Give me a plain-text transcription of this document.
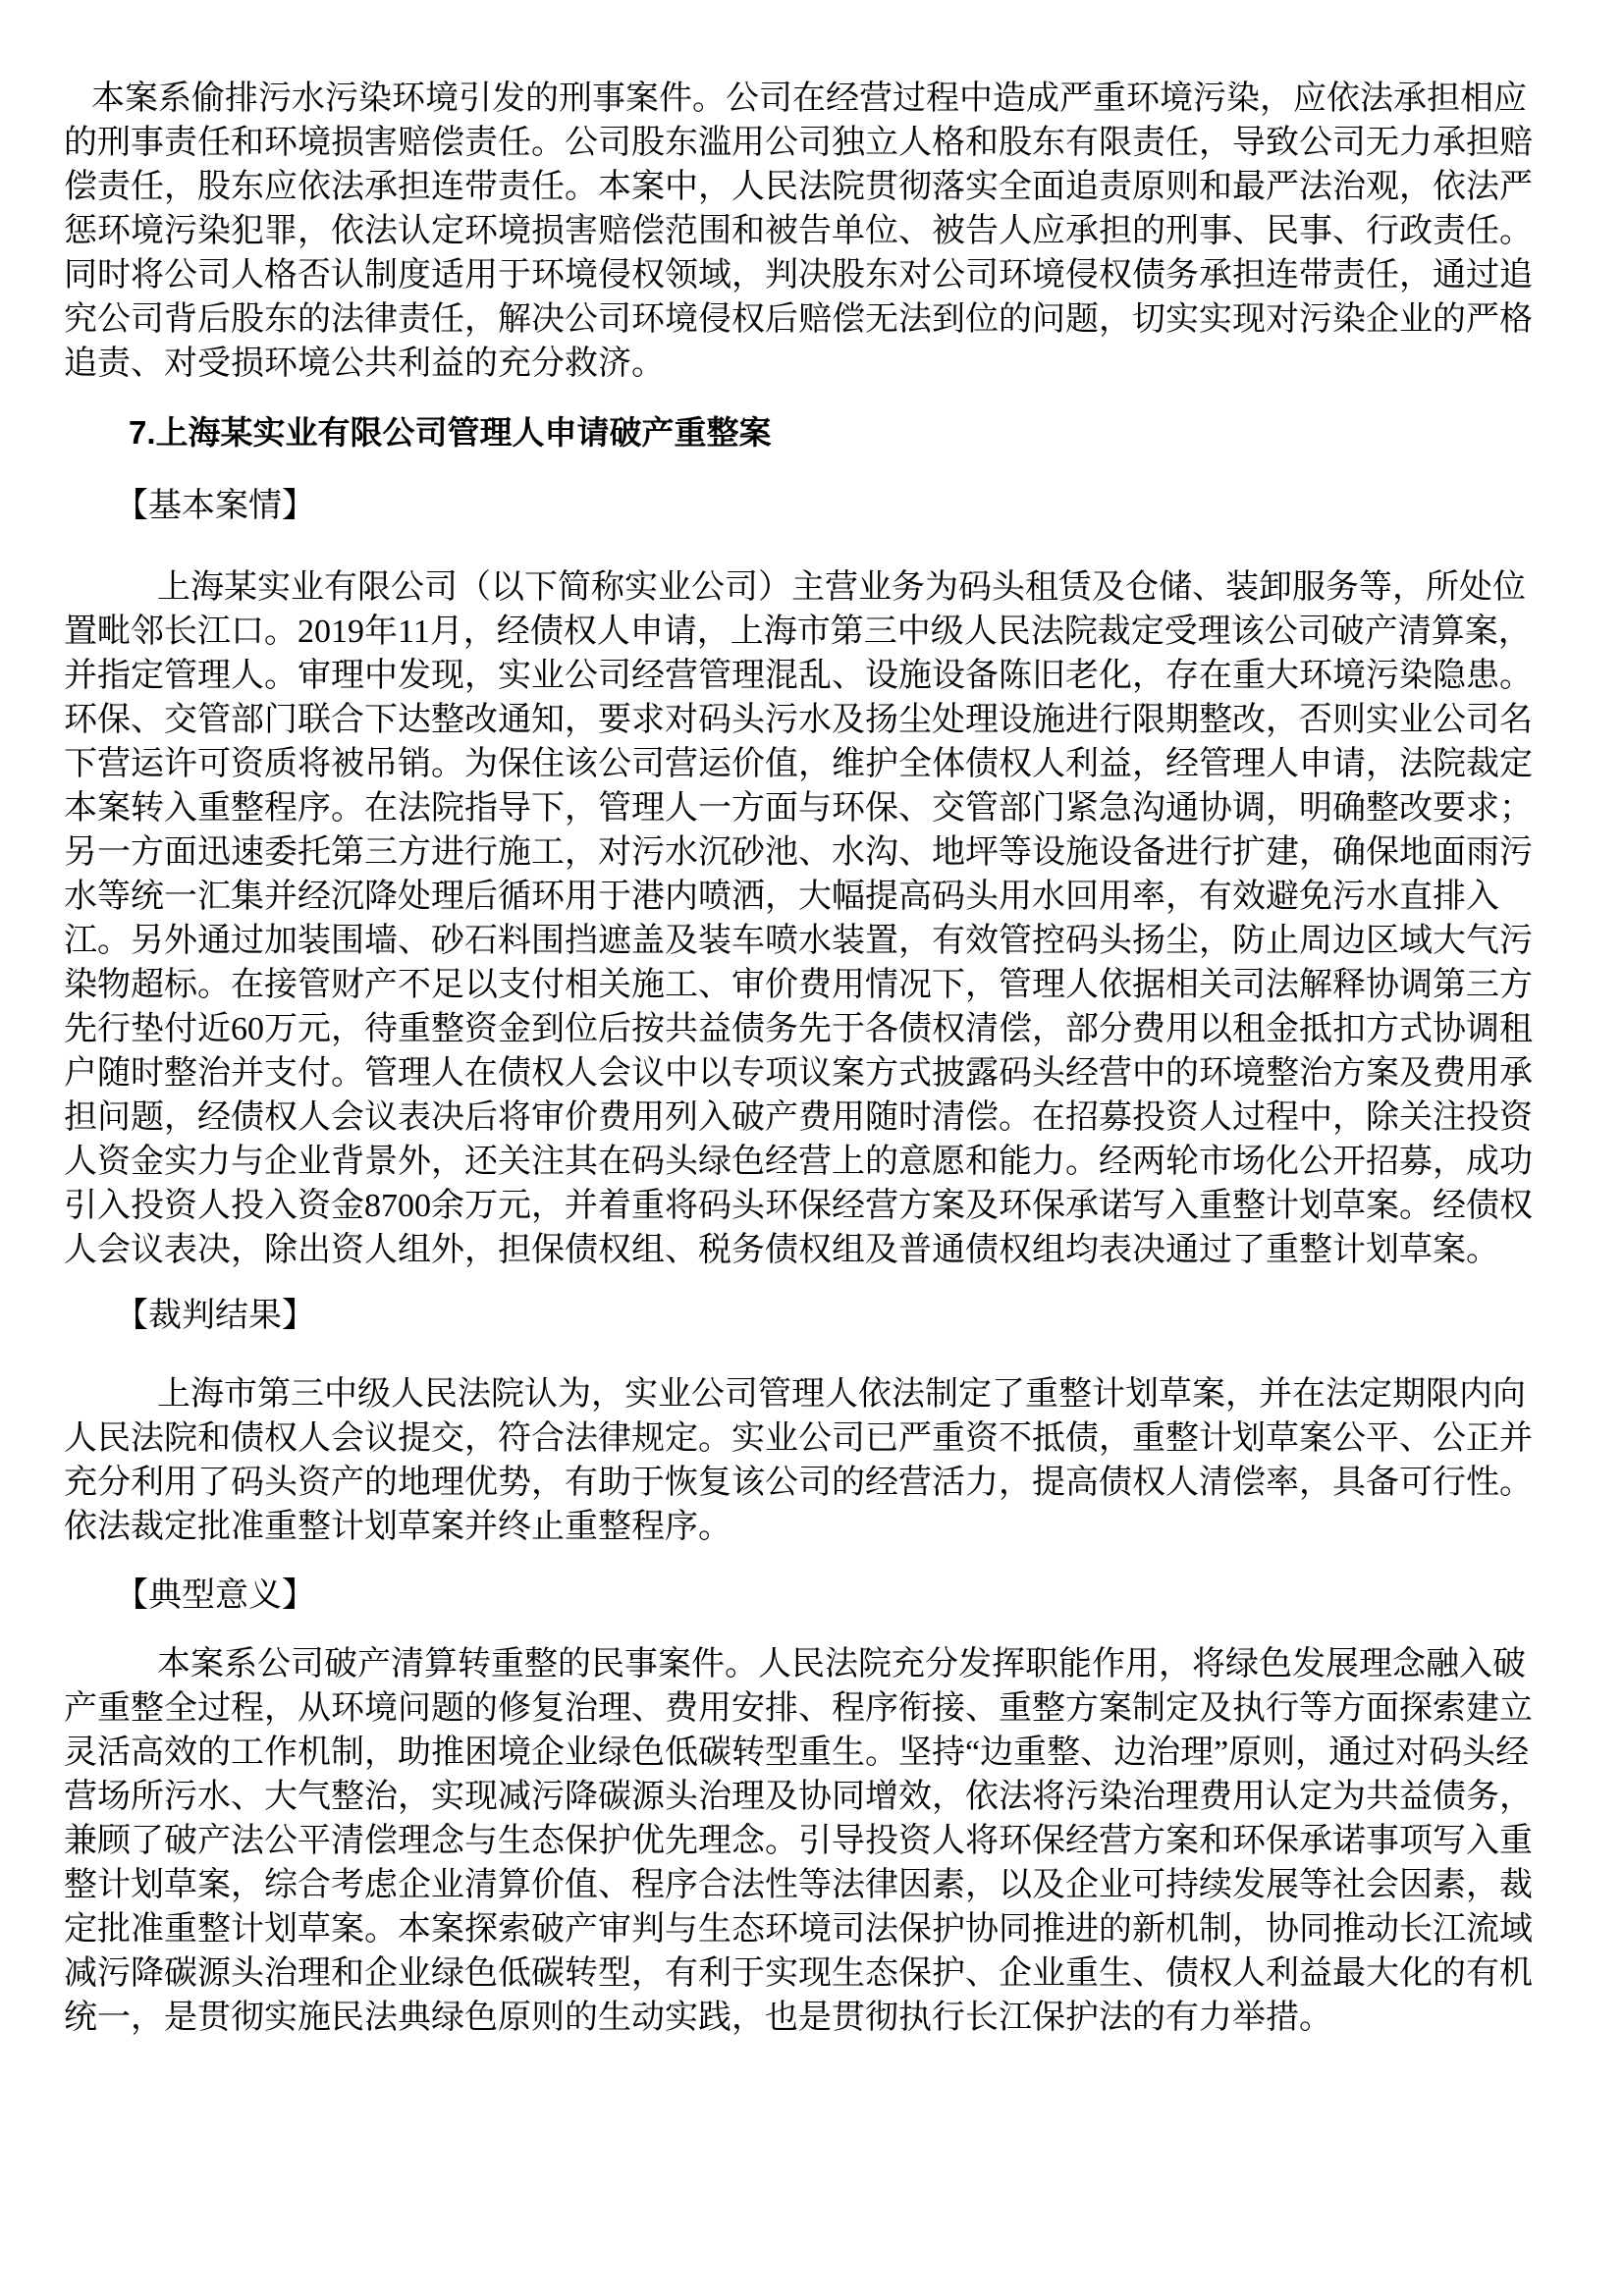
本案系偷排污水污染环境引发的刑事案件。公司在经营过程中造成严重环境污染，应依法承担相应的刑事责任和环境损害赔偿责任。公司股东滥用公司独立人格和股东有限责任，导致公司无力承担赔偿责任，股东应依法承担连带责任。本案中，人民法院贯彻落实全面追责原则和最严法治观，依法严惩环境污染犯罪，依法认定环境损害赔偿范围和被告单位、被告人应承担的刑事、民事、行政责任。同时将公司人格否认制度适用于环境侵权领域，判决股东对公司环境侵权债务承担连带责任，通过追究公司背后股东的法律责任，解决公司环境侵权后赔偿无法到位的问题，切实实现对污染企业的严格追责、对受损环境公共利益的充分救济。

7.上海某实业有限公司管理人申请破产重整案
【基本案情】

上海某实业有限公司（以下简称实业公司）主营业务为码头租赁及仓储、装卸服务等，所处位置毗邻长江口。2019年11月，经债权人申请，上海市第三中级人民法院裁定受理该公司破产清算案，并指定管理人。审理中发现，实业公司经营管理混乱、设施设备陈旧老化，存在重大环境污染隐患。环保、交管部门联合下达整改通知，要求对码头污水及扬尘处理设施进行限期整改，否则实业公司名下营运许可资质将被吊销。为保住该公司营运价值，维护全体债权人利益，经管理人申请，法院裁定本案转入重整程序。在法院指导下，管理人一方面与环保、交管部门紧急沟通协调，明确整改要求；另一方面迅速委托第三方进行施工，对污水沉砂池、水沟、地坪等设施设备进行扩建，确保地面雨污水等统一汇集并经沉降处理后循环用于港内喷洒，大幅提高码头用水回用率，有效避免污水直排入江。另外通过加装围墙、砂石料围挡遮盖及装车喷水装置，有效管控码头扬尘，防止周边区域大气污染物超标。在接管财产不足以支付相关施工、审价费用情况下，管理人依据相关司法解释协调第三方先行垫付近60万元，待重整资金到位后按共益债务先于各债权清偿，部分费用以租金抵扣方式协调租户随时整治并支付。管理人在债权人会议中以专项议案方式披露码头经营中的环境整治方案及费用承担问题，经债权人会议表决后将审价费用列入破产费用随时清偿。在招募投资人过程中，除关注投资人资金实力与企业背景外，还关注其在码头绿色经营上的意愿和能力。经两轮市场化公开招募，成功引入投资人投入资金8700余万元，并着重将码头环保经营方案及环保承诺写入重整计划草案。经债权人会议表决，除出资人组外，担保债权组、税务债权组及普通债权组均表决通过了重整计划草案。

【裁判结果】

上海市第三中级人民法院认为，实业公司管理人依法制定了重整计划草案，并在法定期限内向人民法院和债权人会议提交，符合法律规定。实业公司已严重资不抵债，重整计划草案公平、公正并充分利用了码头资产的地理优势，有助于恢复该公司的经营活力，提高债权人清偿率，具备可行性。依法裁定批准重整计划草案并终止重整程序。

【典型意义】

本案系公司破产清算转重整的民事案件。人民法院充分发挥职能作用，将绿色发展理念融入破产重整全过程，从环境问题的修复治理、费用安排、程序衔接、重整方案制定及执行等方面探索建立灵活高效的工作机制，助推困境企业绿色低碳转型重生。坚持“边重整、边治理”原则，通过对码头经营场所污水、大气整治，实现减污降碳源头治理及协同增效，依法将污染治理费用认定为共益债务，兼顾了破产法公平清偿理念与生态保护优先理念。引导投资人将环保经营方案和环保承诺事项写入重整计划草案，综合考虑企业清算价值、程序合法性等法律因素，以及企业可持续发展等社会因素，裁定批准重整计划草案。本案探索破产审判与生态环境司法保护协同推进的新机制，协同推动长江流域减污降碳源头治理和企业绿色低碳转型，有利于实现生态保护、企业重生、债权人利益最大化的有机统一，是贯彻实施民法典绿色原则的生动实践，也是贯彻执行长江保护法的有力举措。
